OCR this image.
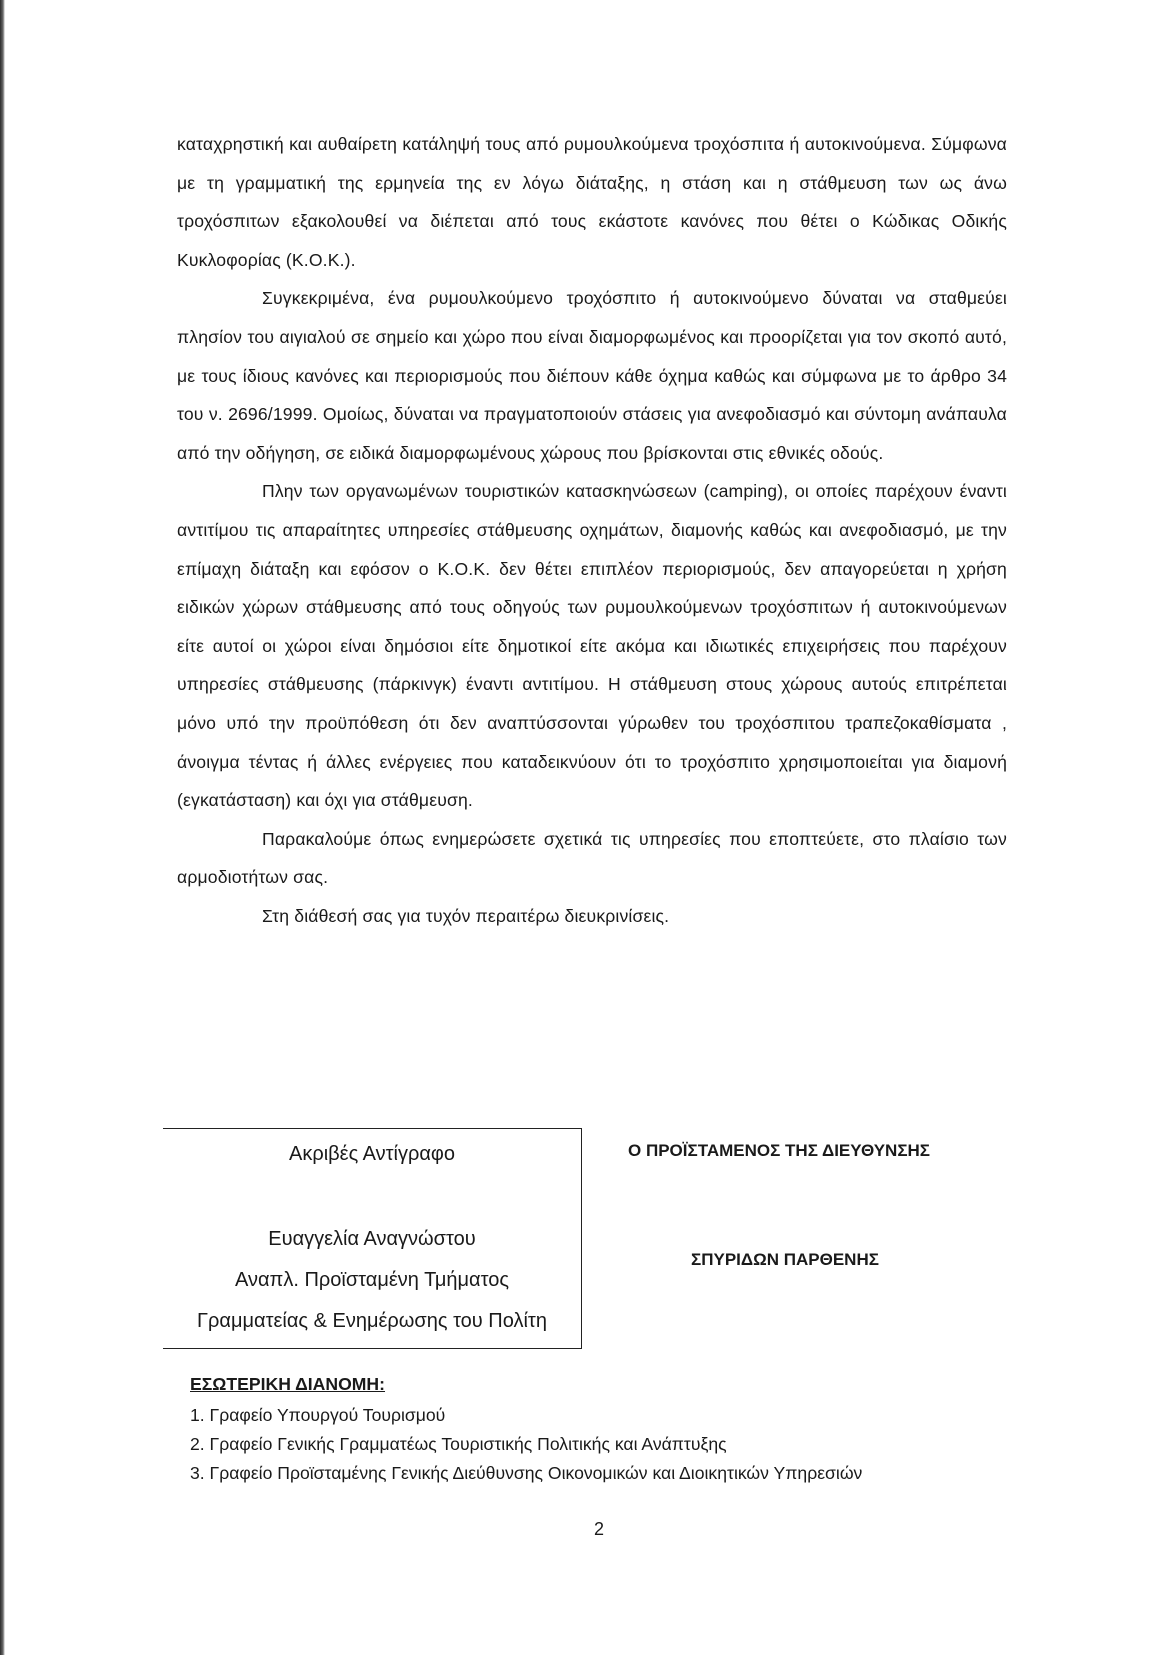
καταχρηστική και αυθαίρετη κατάληψή τους από ρυμουλκούμενα τροχόσπιτα ή αυτοκινούμενα. Σύμφωνα με τη γραμματική της ερμηνεία της εν λόγω διάταξης, η στάση και η στάθμευση των ως άνω τροχόσπιτων εξακολουθεί να διέπεται από τους εκάστοτε κανόνες που θέτει ο Κώδικας Οδικής Κυκλοφορίας (Κ.Ο.Κ.).

Συγκεκριμένα, ένα ρυμουλκούμενο τροχόσπιτο ή αυτοκινούμενο δύναται να σταθμεύει πλησίον του αιγιαλού σε σημείο και χώρο που είναι διαμορφωμένος και προορίζεται για τον σκοπό αυτό, με τους ίδιους κανόνες και περιορισμούς που διέπουν κάθε όχημα καθώς και σύμφωνα με το άρθρο 34 του ν. 2696/1999. Ομοίως, δύναται να πραγματοποιούν στάσεις για ανεφοδιασμό και σύντομη ανάπαυλα από την οδήγηση, σε ειδικά διαμορφωμένους χώρους που βρίσκονται στις εθνικές οδούς.

Πλην των οργανωμένων τουριστικών κατασκηνώσεων (camping), οι οποίες παρέχουν έναντι αντιτίμου τις απαραίτητες υπηρεσίες στάθμευσης οχημάτων, διαμονής καθώς και ανεφοδιασμό, με την επίμαχη διάταξη και εφόσον ο Κ.Ο.Κ. δεν θέτει επιπλέον περιορισμούς, δεν απαγορεύεται η χρήση ειδικών χώρων στάθμευσης από τους οδηγούς των ρυμουλκούμενων τροχόσπιτων ή αυτοκινούμενων είτε αυτοί οι χώροι είναι δημόσιοι είτε δημοτικοί είτε ακόμα και ιδιωτικές επιχειρήσεις που παρέχουν υπηρεσίες στάθμευσης (πάρκινγκ) έναντι αντιτίμου. Η στάθμευση στους χώρους αυτούς επιτρέπεται μόνο υπό την προϋπόθεση ότι δεν αναπτύσσονται γύρωθεν του τροχόσπιτου τραπεζοκαθίσματα , άνοιγμα τέντας ή άλλες ενέργειες που καταδεικνύουν ότι το τροχόσπιτο χρησιμοποιείται για διαμονή (εγκατάσταση) και όχι για στάθμευση.

Παρακαλούμε όπως ενημερώσετε σχετικά τις υπηρεσίες που εποπτεύετε, στο πλαίσιο των αρμοδιοτήτων σας.

Στη διάθεσή σας για τυχόν περαιτέρω διευκρινίσεις.

Ακριβές Αντίγραφο
Ευαγγελία Αναγνώστου
Αναπλ. Προϊσταμένη Τμήματος
Γραμματείας & Ενημέρωσης του Πολίτη
Ο ΠΡΟΪΣΤΑΜΕΝΟΣ ΤΗΣ ΔΙΕΥΘΥΝΣΗΣ
ΣΠΥΡΙΔΩΝ ΠΑΡΘΕΝΗΣ
ΕΣΩΤΕΡΙΚΗ ΔΙΑΝΟΜΗ:
1. Γραφείο Υπουργού Τουρισμού
2. Γραφείο Γενικής Γραμματέως Τουριστικής Πολιτικής και Ανάπτυξης
3. Γραφείο Προϊσταμένης Γενικής Διεύθυνσης Οικονομικών και Διοικητικών Υπηρεσιών
2
